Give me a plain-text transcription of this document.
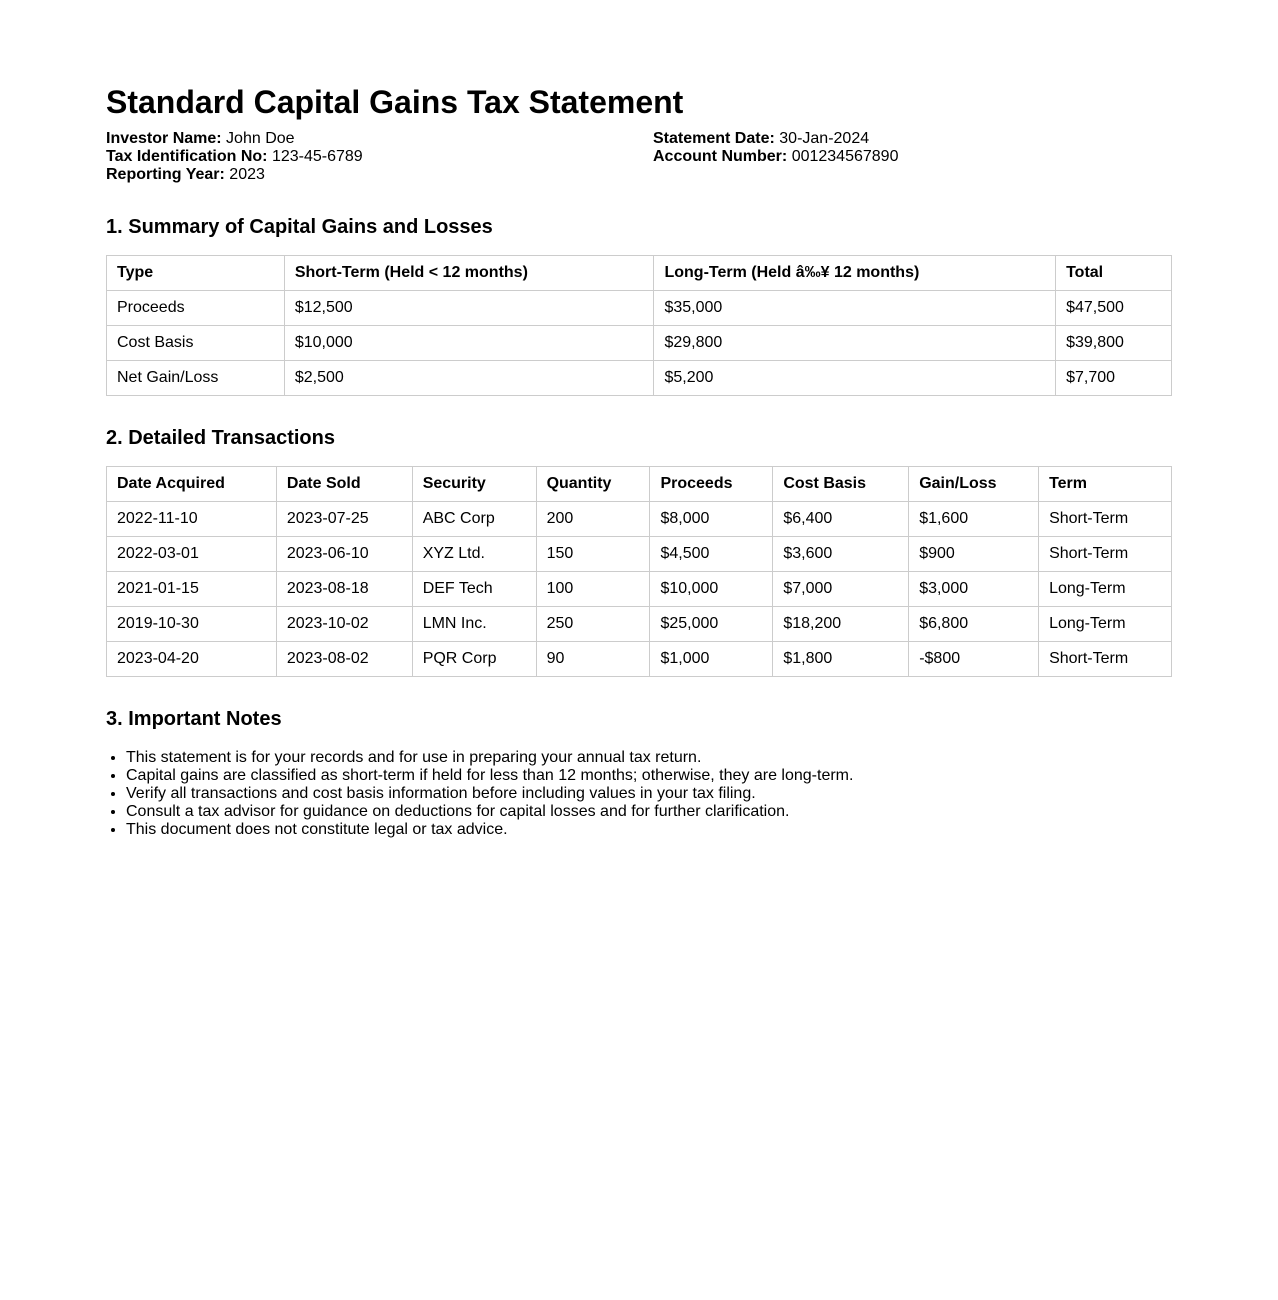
Standard Capital Gains Tax Statement
Investor Name: John Doe
Tax Identification No: 123-45-6789
Reporting Year: 2023
Statement Date: 30-Jan-2024
Account Number: 001234567890
1. Summary of Capital Gains and Losses
Type	Short-Term (Held < 12 months)	Long-Term (Held â‰¥ 12 months)	Total
Proceeds	$12,500	$35,000	$47,500
Cost Basis	$10,000	$29,800	$39,800
Net Gain/Loss	$2,500	$5,200	$7,700
2. Detailed Transactions
Date Acquired	Date Sold	Security	Quantity	Proceeds	Cost Basis	Gain/Loss	Term
2022-11-10	2023-07-25	ABC Corp	200	$8,000	$6,400	$1,600	Short-Term
2022-03-01	2023-06-10	XYZ Ltd.	150	$4,500	$3,600	$900	Short-Term
2021-01-15	2023-08-18	DEF Tech	100	$10,000	$7,000	$3,000	Long-Term
2019-10-30	2023-10-02	LMN Inc.	250	$25,000	$18,200	$6,800	Long-Term
2023-04-20	2023-08-02	PQR Corp	90	$1,000	$1,800	-$800	Short-Term
3. Important Notes
• This statement is for your records and for use in preparing your annual tax return.
• Capital gains are classified as short-term if held for less than 12 months; otherwise, they are long-term.
• Verify all transactions and cost basis information before including values in your tax filing.
• Consult a tax advisor for guidance on deductions for capital losses and for further clarification.
• This document does not constitute legal or tax advice.
